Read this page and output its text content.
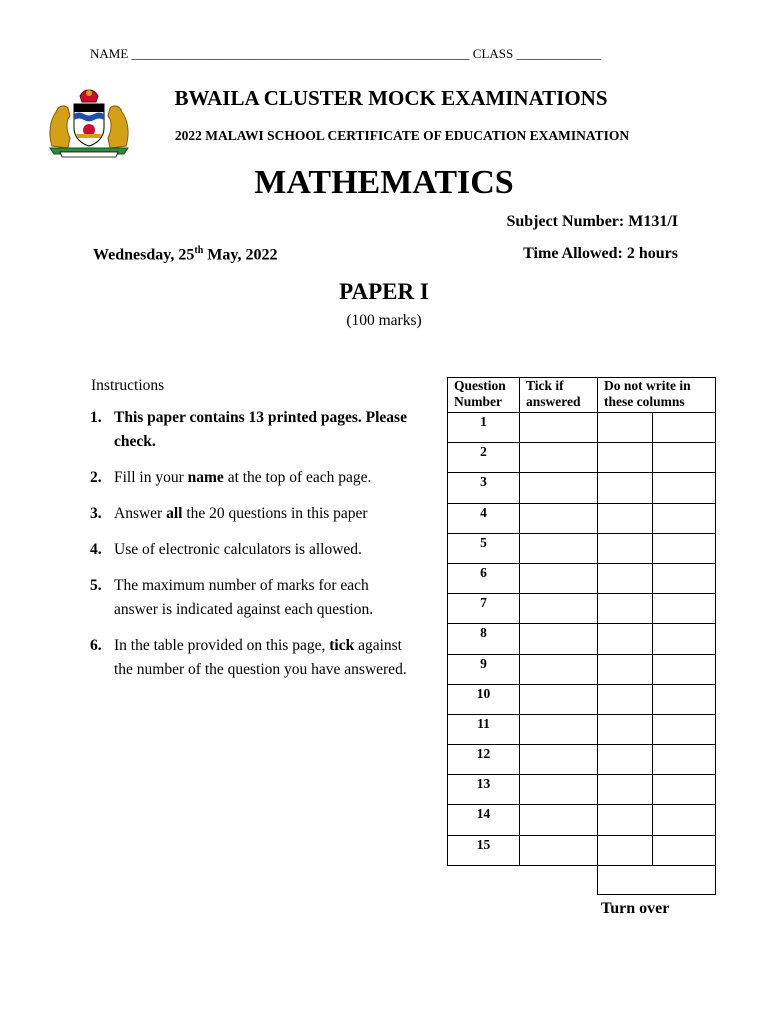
NAME ____________________________________________________ CLASS _____________
BWAILA CLUSTER MOCK EXAMINATIONS
2022 MALAWI SCHOOL CERTIFICATE OF EDUCATION EXAMINATION
MATHEMATICS
Subject Number: M131/I
Wednesday, 25th May, 2022	Time Allowed: 2 hours
PAPER I
(100 marks)
Instructions
1. This paper contains 13 printed pages. Please check.
2. Fill in your name at the top of each page.
3. Answer all the 20 questions in this paper
4. Use of electronic calculators is allowed.
5. The maximum number of marks for each answer is indicated against each question.
6. In the table provided on this page, tick against the number of the question you have answered.
Question Number	Tick if answered	Do not write in these columns	
1			
2			
3			
4			
5			
6			
7			
8			
9			
10			
11			
12			
13			
14			
15			

Turn over
